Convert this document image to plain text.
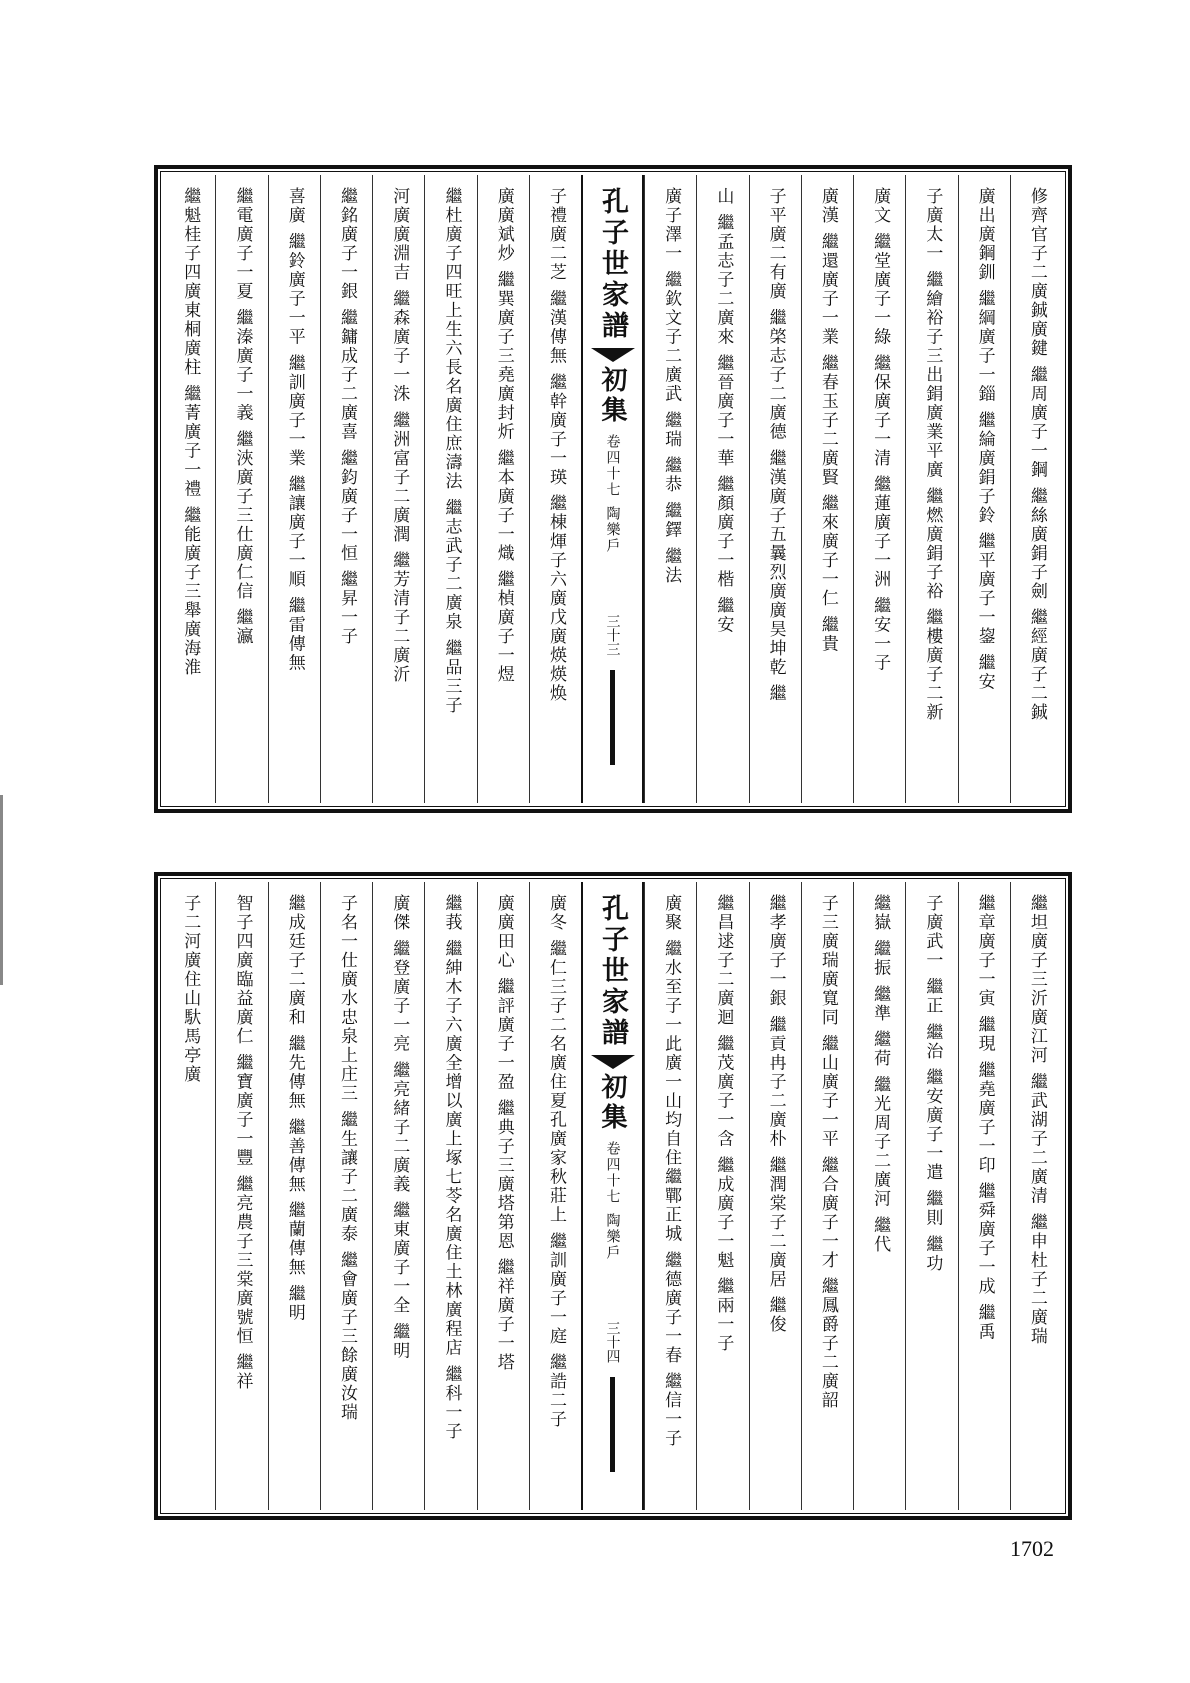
修齊官子二廣鋮廣鍵 繼周廣子一鋼 繼絲廣鋗子劍 繼經廣子二鋮
廣出廣鋼釧 繼綱廣子一錙 繼綸廣鋗子鈴 繼平廣子一鋆 繼安
子廣太一 繼繪裕子三出鋗廣業平廣 繼燃廣鋗子裕 繼樓廣子二新
廣文 繼堂廣子一綠 繼保廣子一清 繼蓮廣子一洲 繼安一子
廣漢 繼還廣子一業 繼春玉子二廣賢 繼來廣子一仁 繼貴
子平廣二有廣 繼棨志子二廣德 繼漢廣子五曩烈廣廣昊坤乾 繼
山 繼孟志子二廣來 繼晉廣子一華 繼顏廣子一楷 繼安
廣子澤一 繼欽文子二廣武 繼瑞 繼恭 繼鐸 繼法
孔子世家譜
初集
卷四十七
陶樂戶
三十三
子禮廣二芝 繼漢傳無 繼幹廣子一瑛 繼棟煇子六廣戊廣煐煐焕
廣廣斌炒 繼巽廣子三堯廣封炘 繼本廣子一熾 繼楨廣子一煜
繼杜廣子四旺上生六長名廣住庶濤法 繼志武子二廣泉 繼品三子
河廣廣淵吉 繼森廣子一洙 繼洲富子二廣潤 繼芳清子二廣沂
繼銘廣子一銀 繼鏞成子二廣喜 繼鈞廣子一恒 繼昇一子
喜廣 繼鈴廣子一平 繼訓廣子一業 繼讓廣子一順 繼雷傳無
繼電廣子一夏 繼溱廣子一義 繼浹廣子三仕廣仁信 繼瀛
繼魁桂子四廣東桐廣柱 繼菁廣子一禮 繼能廣子三舉廣海淮
繼坦廣子三沂廣江河 繼武湖子二廣清 繼申杜子二廣瑞
繼章廣子一寅 繼現 繼堯廣子一印 繼舜廣子一成 繼禹
子廣武一 繼正 繼治 繼安廣子一遣 繼則 繼功
繼嶽 繼振 繼準 繼荷 繼光周子二廣河 繼代
子三廣瑞廣寬同 繼山廣子一平 繼合廣子一才 繼鳳爵子二廣韶
繼孝廣子一銀 繼貢冉子二廣朴 繼潤棠子二廣居 繼俊
繼昌逑子二廣迴 繼茂廣子一含 繼成廣子一魁 繼兩一子
廣聚 繼水至子一此廣一山均自住繼鄲正城 繼德廣子一春 繼信一子
孔子世家譜
初集
卷四十七
陶樂戶
三十四
廣冬 繼仁三子二名廣住夏孔廣家秋莊上 繼訓廣子一庭 繼誥二子
廣廣田心 繼評廣子一盈 繼典子三廣塔第恩 繼祥廣子一塔
繼莪 繼紳木子六廣全增以廣上塚七苓名廣住土林廣程店 繼科一子
廣傑 繼登廣子一亮 繼亮緒子二廣義 繼東廣子一全 繼明
子名一仕廣水忠泉上庄三 繼生讓子二廣泰 繼會廣子三餘廣汝瑞
繼成廷子二廣和 繼先傳無 繼善傳無 繼蘭傳無 繼明
智子四廣臨益廣仁 繼寶廣子一豐 繼亮農子三棠廣號恒 繼祥
子二河廣住山馱馬亭廣
1702
